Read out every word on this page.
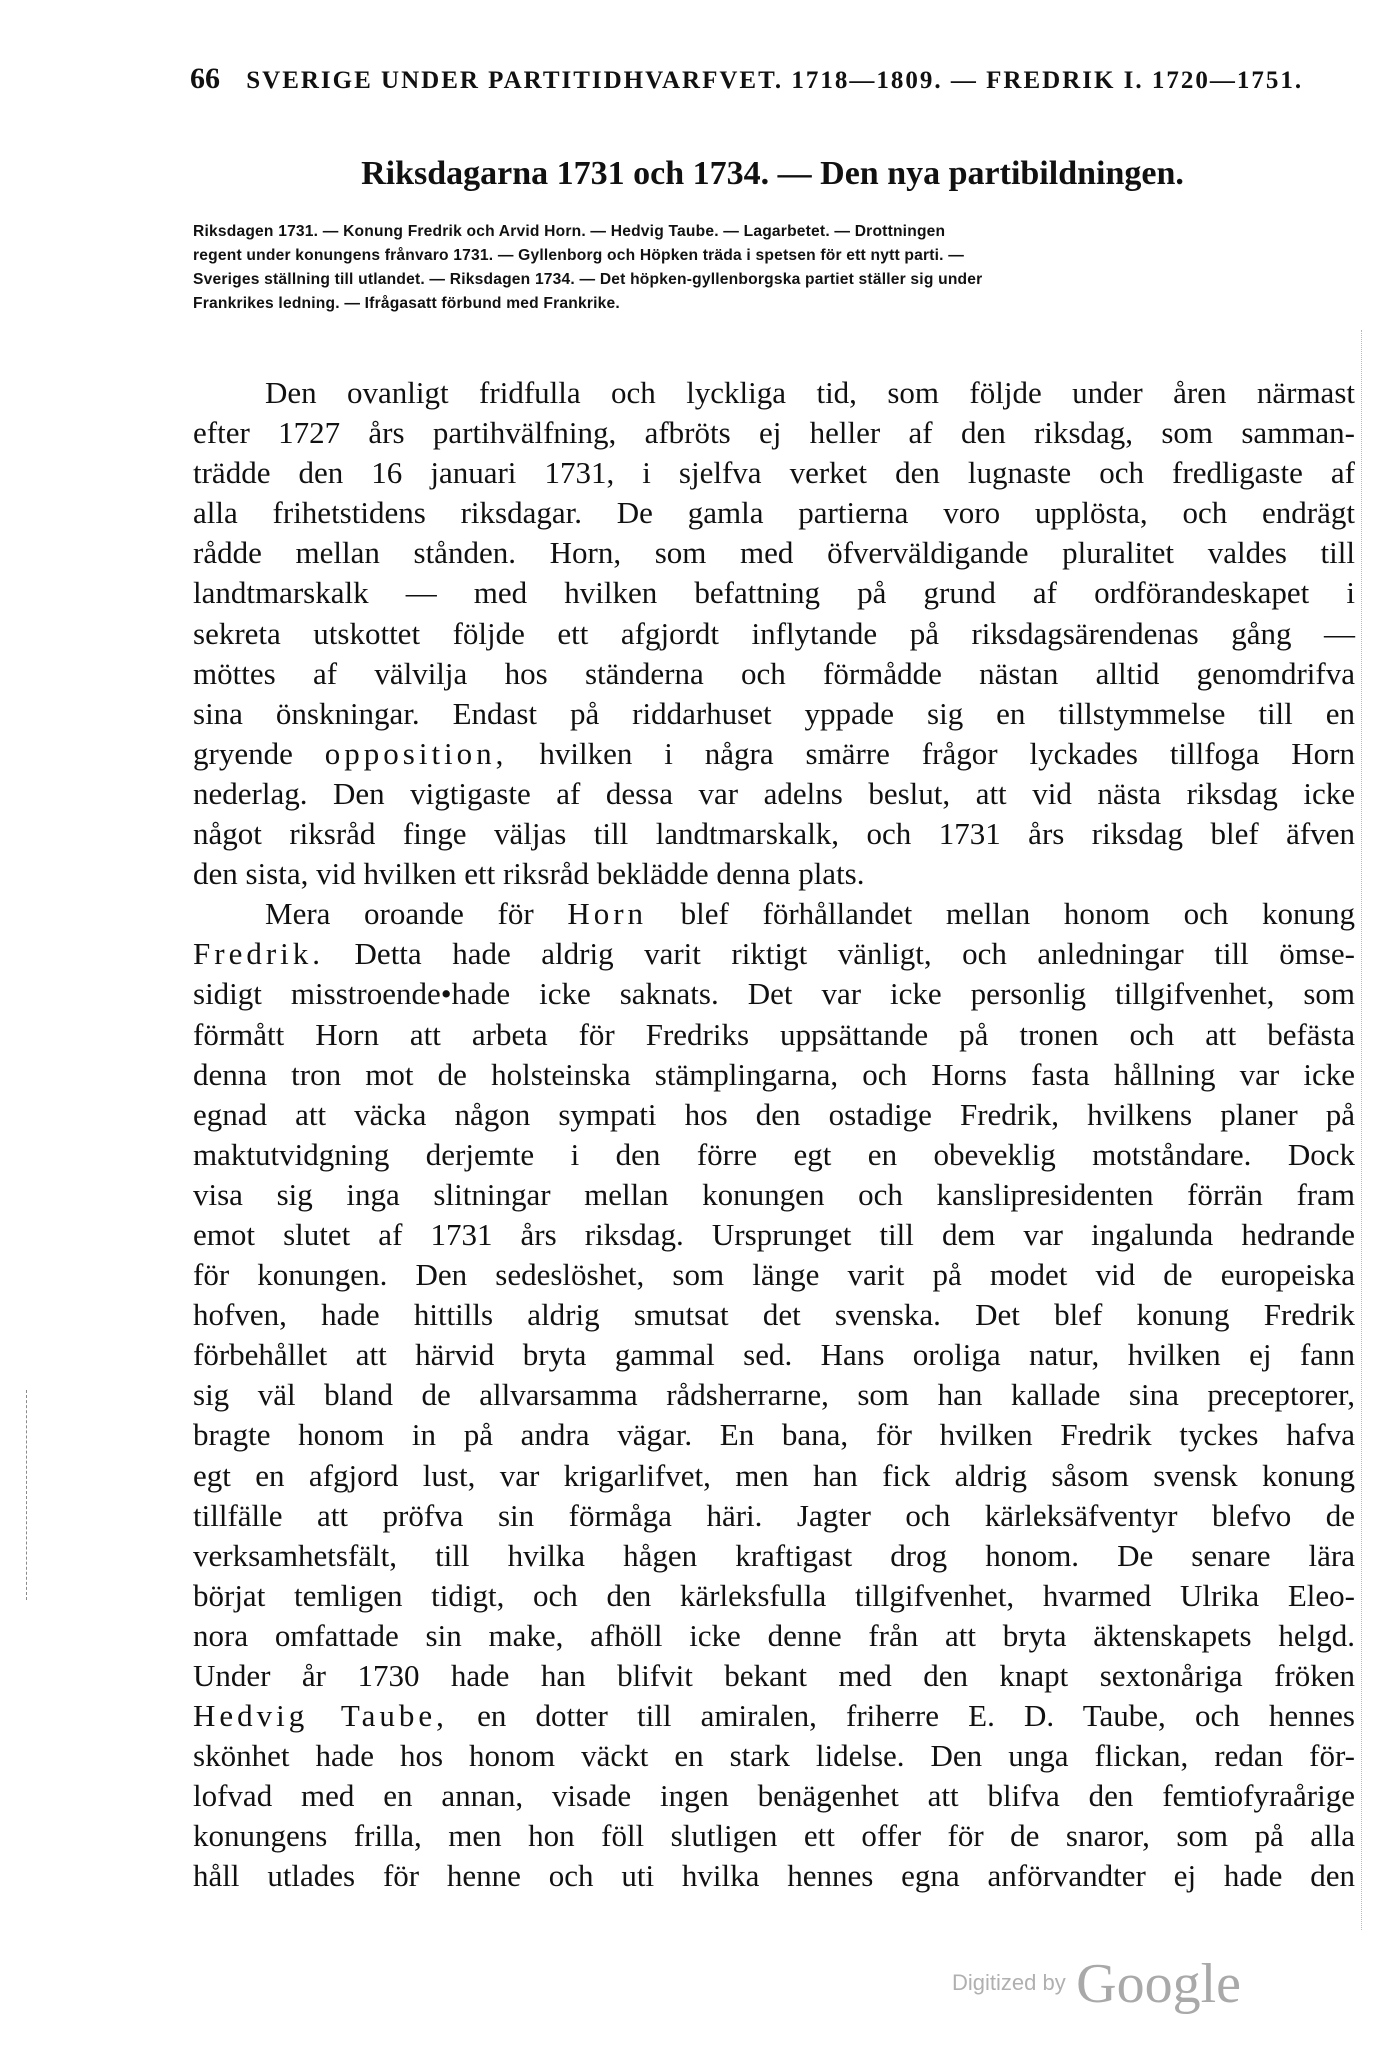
66 SVERIGE UNDER PARTITIDHVARFVET. 1718—1809. — FREDRIK I. 1720—1751.
Riksdagarna 1731 och 1734. — Den nya partibildningen.
Riksdagen 1731. — Konung Fredrik och Arvid Horn. — Hedvig Taube. — Lagarbetet. — Drottningen
regent under konungens frånvaro 1731. — Gyllenborg och Höpken träda i spetsen för ett nytt parti. —
Sveriges ställning till utlandet. — Riksdagen 1734. — Det höpken-gyllenborgska partiet ställer sig under
Frankrikes ledning. — Ifrågasatt förbund med Frankrike.
Den ovanligt fridfulla och lyckliga tid, som följde under åren närmast
efter 1727 års partihvälfning, afbröts ej heller af den riksdag, som samman-
trädde den 16 januari 1731, i sjelfva verket den lugnaste och fredligaste af
alla frihetstidens riksdagar. De gamla partierna voro upplösta, och endrägt
rådde mellan stånden. Horn, som med öfverväldigande pluralitet valdes till
landtmarskalk — med hvilken befattning på grund af ordförandeskapet i
sekreta utskottet följde ett afgjordt inflytande på riksdagsärendenas gång —
möttes af välvilja hos ständerna och förmådde nästan alltid genomdrifva
sina önskningar. Endast på riddarhuset yppade sig en tillstymmelse till en
gryende opposition, hvilken i några smärre frågor lyckades tillfoga Horn
nederlag. Den vigtigaste af dessa var adelns beslut, att vid nästa riksdag icke
något riksråd finge väljas till landtmarskalk, och 1731 års riksdag blef äfven
den sista, vid hvilken ett riksråd beklädde denna plats.
Mera oroande för Horn blef förhållandet mellan honom och konung
Fredrik. Detta hade aldrig varit riktigt vänligt, och anledningar till ömse-
sidigt misstroende•hade icke saknats. Det var icke personlig tillgifvenhet, som
förmått Horn att arbeta för Fredriks uppsättande på tronen och att befästa
denna tron mot de holsteinska stämplingarna, och Horns fasta hållning var icke
egnad att väcka någon sympati hos den ostadige Fredrik, hvilkens planer på
maktutvidgning derjemte i den förre egt en obeveklig motståndare. Dock
visa sig inga slitningar mellan konungen och kanslipresidenten förrän fram
emot slutet af 1731 års riksdag. Ursprunget till dem var ingalunda hedrande
för konungen. Den sedeslöshet, som länge varit på modet vid de europeiska
hofven, hade hittills aldrig smutsat det svenska. Det blef konung Fredrik
förbehållet att härvid bryta gammal sed. Hans oroliga natur, hvilken ej fann
sig väl bland de allvarsamma rådsherrarne, som han kallade sina preceptorer,
bragte honom in på andra vägar. En bana, för hvilken Fredrik tyckes hafva
egt en afgjord lust, var krigarlifvet, men han fick aldrig såsom svensk konung
tillfälle att pröfva sin förmåga häri. Jagter och kärleksäfventyr blefvo de
verksamhetsfält, till hvilka hågen kraftigast drog honom. De senare lära
börjat temligen tidigt, och den kärleksfulla tillgifvenhet, hvarmed Ulrika Eleo-
nora omfattade sin make, afhöll icke denne från att bryta äktenskapets helgd.
Under år 1730 hade han blifvit bekant med den knapt sextonåriga fröken
Hedvig Taube, en dotter till amiralen, friherre E. D. Taube, och hennes
skönhet hade hos honom väckt en stark lidelse. Den unga flickan, redan för-
lofvad med en annan, visade ingen benägenhet att blifva den femtiofyraårige
konungens frilla, men hon föll slutligen ett offer för de snaror, som på alla
håll utlades för henne och uti hvilka hennes egna anförvandter ej hade den
Digitized by Google
